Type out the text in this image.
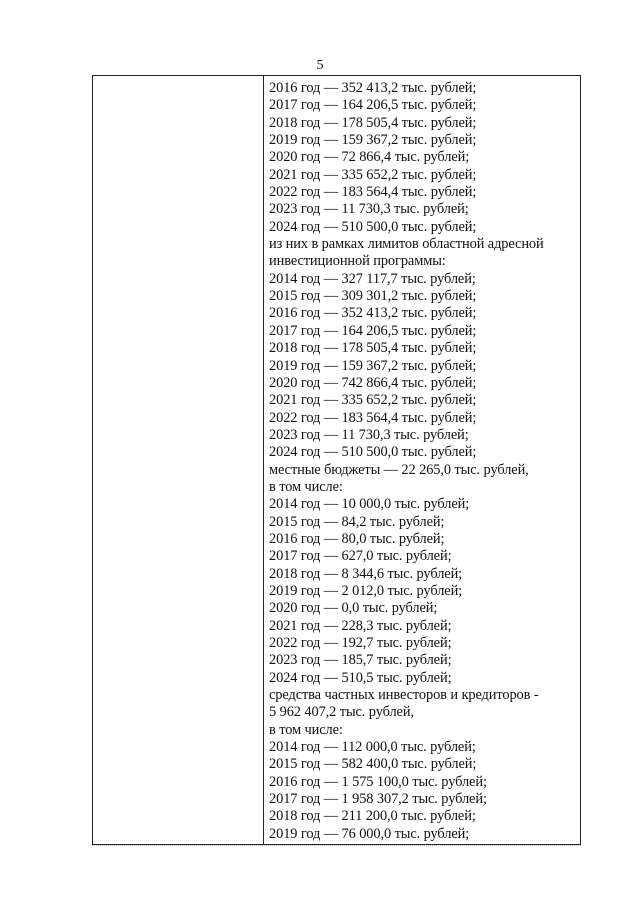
5
2016 год — 352 413,2 тыс. рублей;
2017 год — 164 206,5 тыс. рублей;
2018 год — 178 505,4 тыс. рублей;
2019 год — 159 367,2 тыс. рублей;
2020 год — 72 866,4 тыс. рублей;
2021 год — 335 652,2 тыс. рублей;
2022 год — 183 564,4 тыс. рублей;
2023 год — 11 730,3 тыс. рублей;
2024 год — 510 500,0 тыс. рублей;
из них в рамках лимитов областной адресной
инвестиционной программы:
2014 год — 327 117,7 тыс. рублей;
2015 год — 309 301,2 тыс. рублей;
2016 год — 352 413,2 тыс. рублей;
2017 год — 164 206,5 тыс. рублей;
2018 год — 178 505,4 тыс. рублей;
2019 год — 159 367,2 тыс. рублей;
2020 год — 742 866,4 тыс. рублей;
2021 год — 335 652,2 тыс. рублей;
2022 год — 183 564,4 тыс. рублей;
2023 год — 11 730,3 тыс. рублей;
2024 год — 510 500,0 тыс. рублей;
местные бюджеты — 22 265,0 тыс. рублей,
в том числе:
2014 год — 10 000,0 тыс. рублей;
2015 год — 84,2 тыс. рублей;
2016 год — 80,0 тыс. рублей;
2017 год — 627,0 тыс. рублей;
2018 год — 8 344,6 тыс. рублей;
2019 год — 2 012,0 тыс. рублей;
2020 год — 0,0 тыс. рублей;
2021 год — 228,3 тыс. рублей;
2022 год — 192,7 тыс. рублей;
2023 год — 185,7 тыс. рублей;
2024 год — 510,5 тыс. рублей;
средства частных инвесторов и кредиторов -
5 962 407,2 тыс. рублей,
в том числе:
2014 год — 112 000,0 тыс. рублей;
2015 год — 582 400,0 тыс. рублей;
2016 год — 1 575 100,0 тыс. рублей;
2017 год — 1 958 307,2 тыс. рублей;
2018 год — 211 200,0 тыс. рублей;
2019 год — 76 000,0 тыс. рублей;
